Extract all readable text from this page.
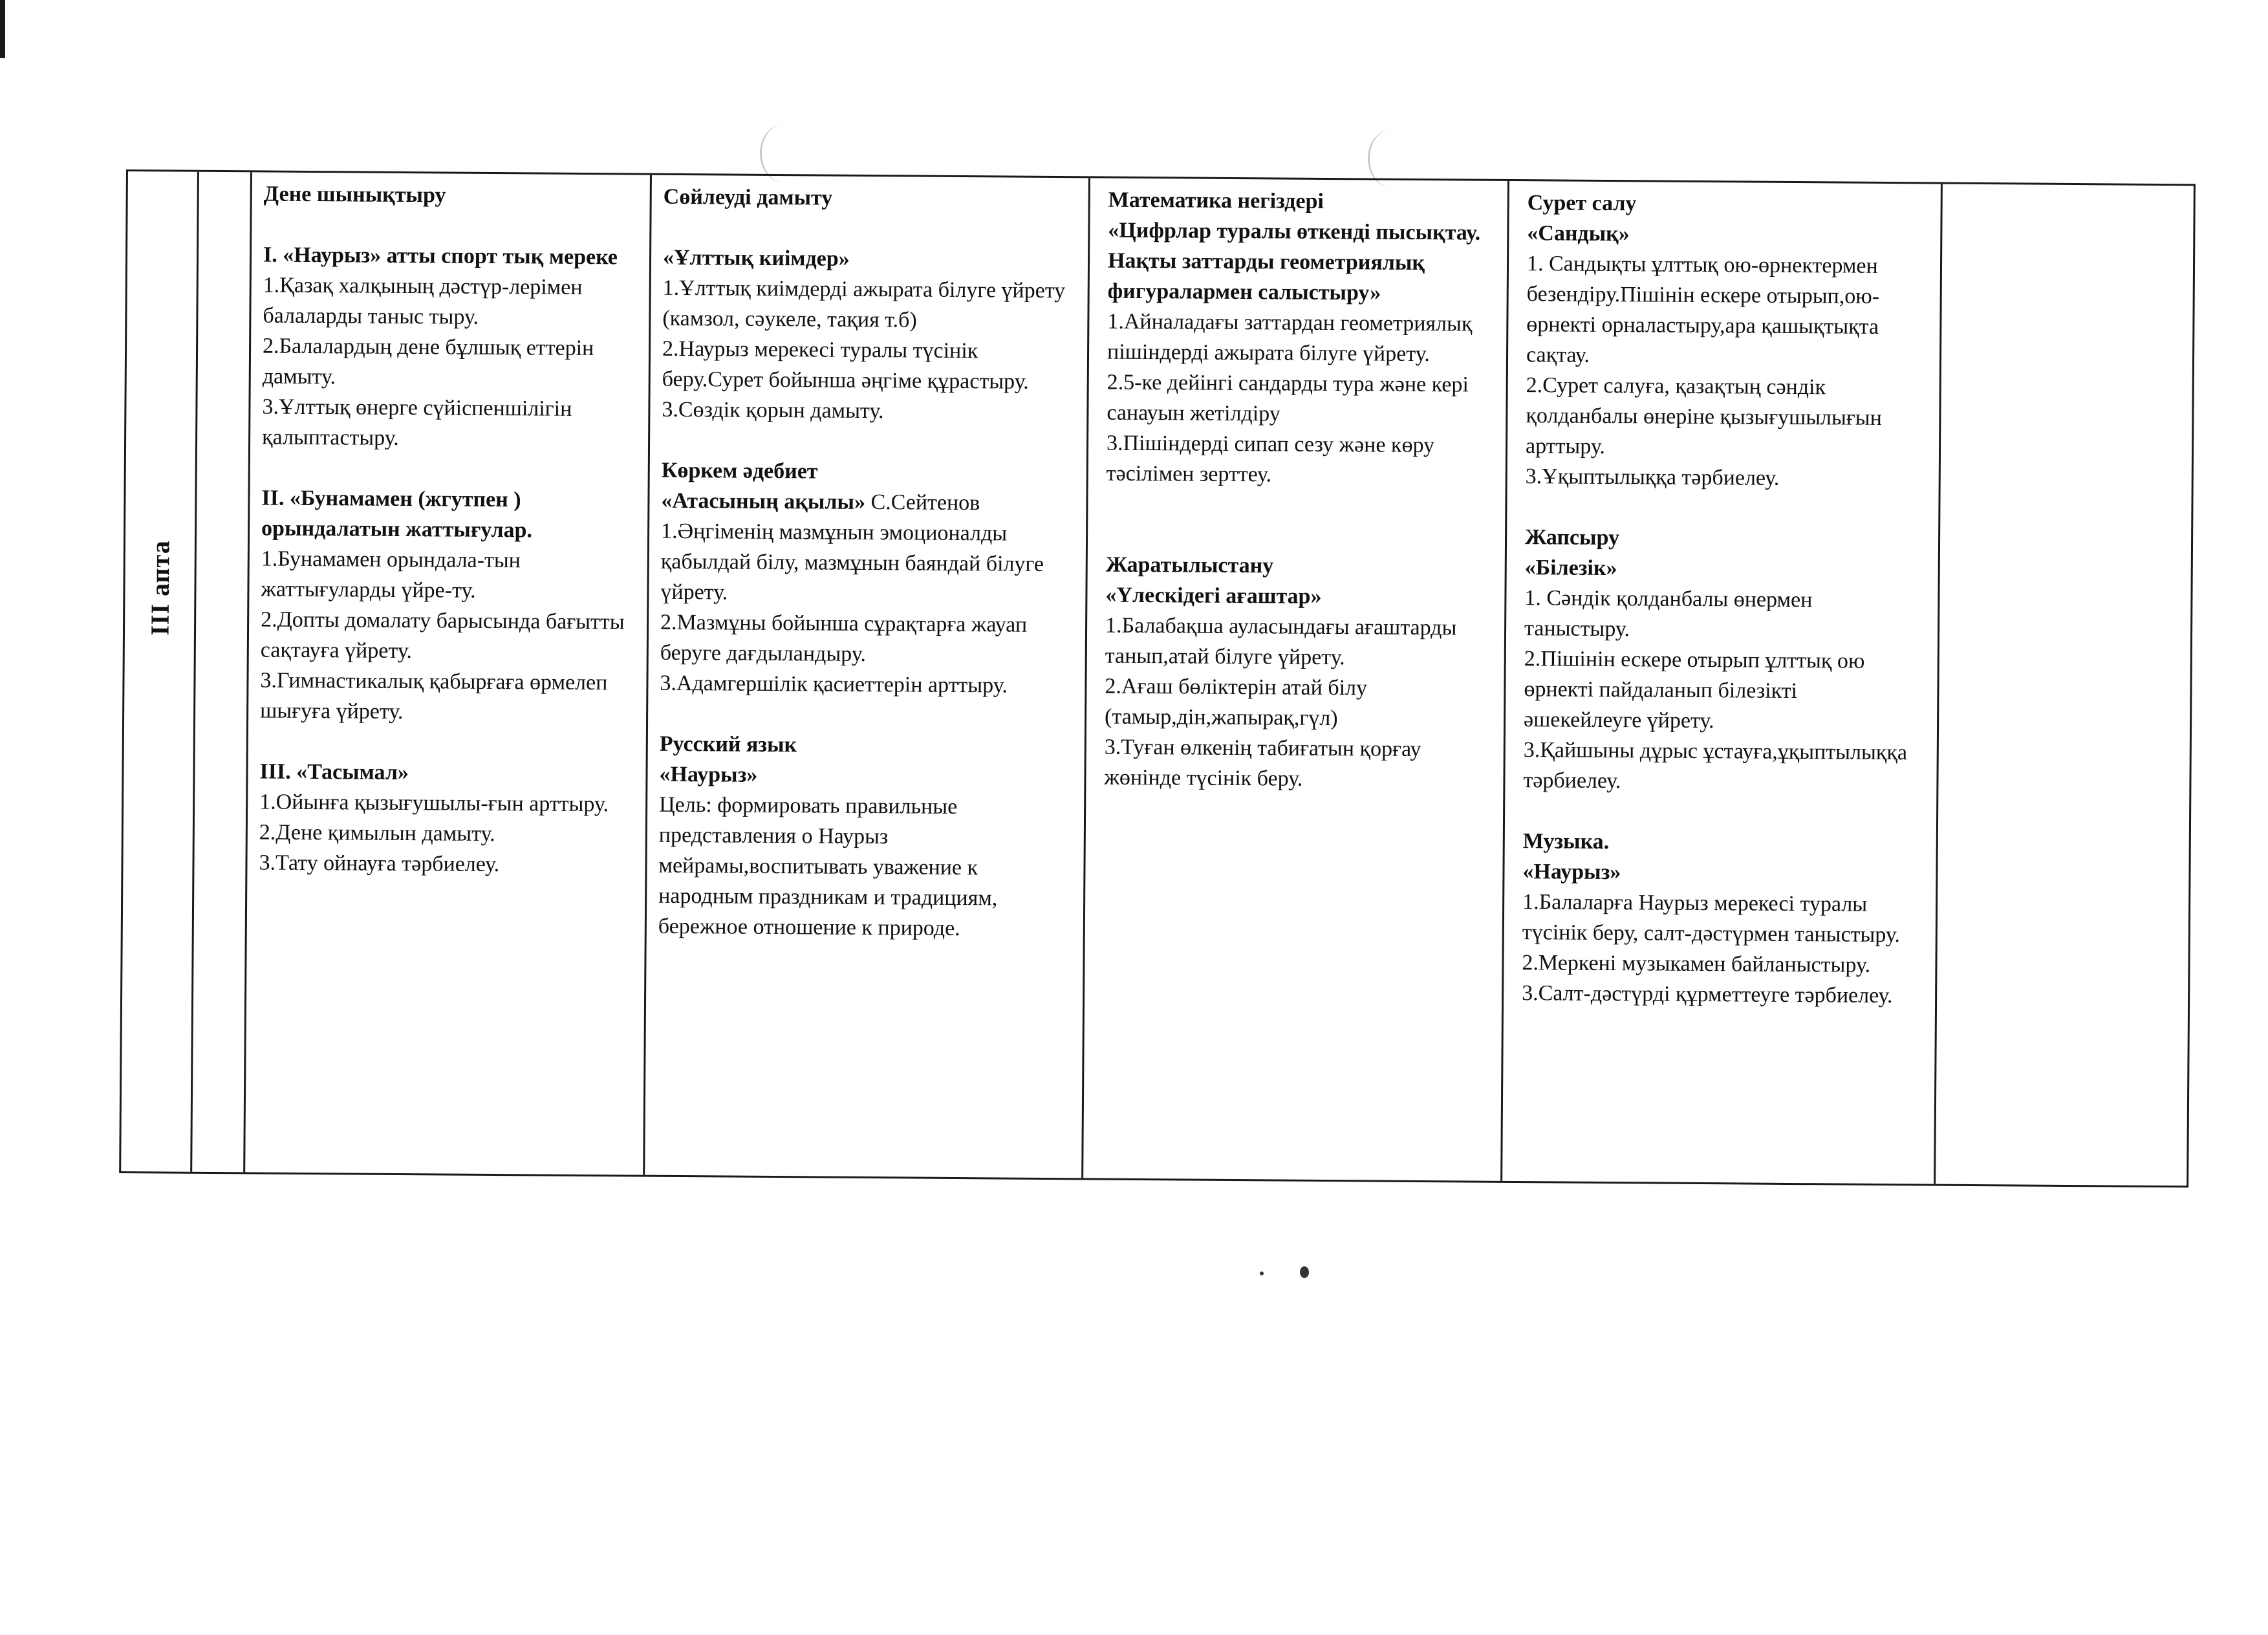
III апта

Дене шынықтыру

I. «Наурыз» атты спорт тық мереке

1.Қазақ халқының дәстүр-лерімен балаларды таныс тыру.

2.Балалардың дене бұлшық еттерін дамыту.

3.Ұлттық өнерге сүйіспеншілігін қалыптастыру.

II. «Бунамамен (жгутпен ) орындалатын жаттығулар.

1.Бунамамен орындала-тын жаттығуларды үйре-ту.

2.Допты домалату барысында бағытты сақтауға үйрету.

3.Гимнастикалық қабырғаға өрмелеп шығуға үйрету.

III. «Тасымал»

1.Ойынға қызығушылы-ғын арттыру.

2.Дене қимылын дамыту.

3.Тату ойнауға тәрбиелеу.

Сөйлеуді дамыту

«Ұлттық киімдер»

1.Ұлттық киімдерді ажырата білуге үйрету (камзол, сәукеле, тақия т.б)

2.Наурыз мерекесі туралы түсінік беру.Сурет бойынша әңгіме құрастыру.

3.Сөздік қорын дамыту.

Көркем әдебиет

«Атасының ақылы» С.Сейтенов

1.Әңгіменің мазмұнын эмоционалды қабылдай білу, мазмұнын баяндай білуге үйрету.

2.Мазмұны бойынша сұрақтарға жауап беруге дағдыландыру.

3.Адамгершілік қасиеттерін арттыру.

Русский язык

«Наурыз»

Цель: формировать правильные представления о Наурыз мейрамы,воспитывать уважение к народным праздникам и традициям, бережное отношение к природе.

Математика негіздері

«Цифрлар туралы өткенді пысықтау. Нақты заттарды геометриялық фигуралармен салыстыру»

1.Айналадағы заттардан геометриялық пішіндерді ажырата білуге үйрету.

2.5-ке дейінгі сандарды тура және кері санауын жетілдіру

3.Пішіндерді сипап сезу және көру тәсілімен зерттеу.

Жаратылыстану

«Үлескідегі ағаштар»

1.Балабақша ауласындағы ағаштарды танып,атай білуге үйрету.

2.Ағаш бөліктерін атай білу (тамыр,дін,жапырақ,гүл)

3.Туған өлкенің табиғатын қорғау жөнінде түсінік беру.

Сурет салу

«Сандық»

1. Сандықты ұлттық ою-өрнектермен безендіру.Пішінін ескере отырып,ою-өрнекті орналастыру,ара қашықтықта сақтау.

2.Сурет салуға, қазақтың сәндік қолданбалы өнеріне қызығушылығын арттыру.

3.Ұқыптылыққа тәрбиелеу.

Жапсыру

«Білезік»

1. Сәндік қолданбалы өнермен таныстыру.

2.Пішінін ескере отырып ұлттық ою өрнекті пайдаланып білезікті әшекейлеуге үйрету.

3.Қайшыны дұрыс ұстауға,ұқыптылыққа тәрбиелеу.

Музыка.

«Наурыз»

1.Балаларға Наурыз мерекесі туралы түсінік беру, салт-дәстүрмен таныстыру.

2.Меркені музыкамен байланыстыру.

3.Салт-дәстүрді құрметтеуге тәрбиелеу.
